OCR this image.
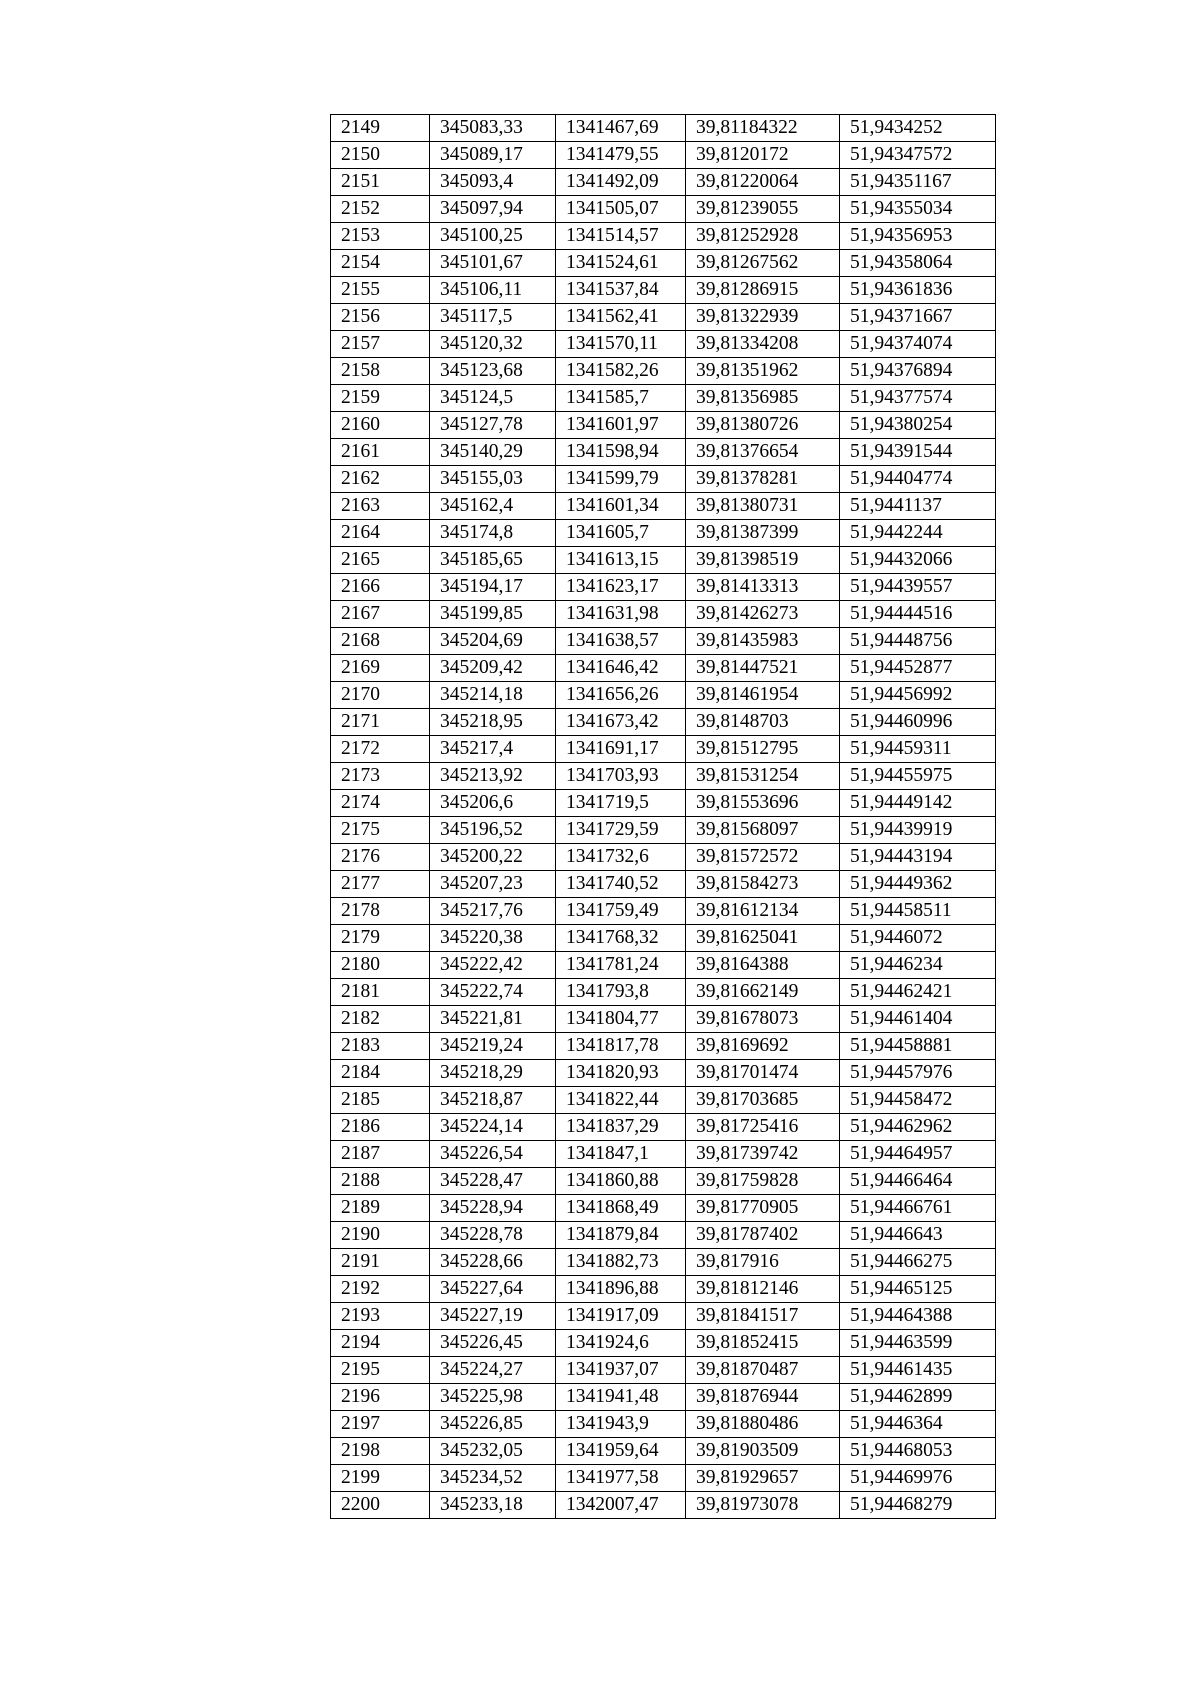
2149	345083,33	1341467,69	39,81184322	51,9434252
2150	345089,17	1341479,55	39,8120172	51,94347572
2151	345093,4	1341492,09	39,81220064	51,94351167
2152	345097,94	1341505,07	39,81239055	51,94355034
2153	345100,25	1341514,57	39,81252928	51,94356953
2154	345101,67	1341524,61	39,81267562	51,94358064
2155	345106,11	1341537,84	39,81286915	51,94361836
2156	345117,5	1341562,41	39,81322939	51,94371667
2157	345120,32	1341570,11	39,81334208	51,94374074
2158	345123,68	1341582,26	39,81351962	51,94376894
2159	345124,5	1341585,7	39,81356985	51,94377574
2160	345127,78	1341601,97	39,81380726	51,94380254
2161	345140,29	1341598,94	39,81376654	51,94391544
2162	345155,03	1341599,79	39,81378281	51,94404774
2163	345162,4	1341601,34	39,81380731	51,9441137
2164	345174,8	1341605,7	39,81387399	51,9442244
2165	345185,65	1341613,15	39,81398519	51,94432066
2166	345194,17	1341623,17	39,81413313	51,94439557
2167	345199,85	1341631,98	39,81426273	51,94444516
2168	345204,69	1341638,57	39,81435983	51,94448756
2169	345209,42	1341646,42	39,81447521	51,94452877
2170	345214,18	1341656,26	39,81461954	51,94456992
2171	345218,95	1341673,42	39,8148703	51,94460996
2172	345217,4	1341691,17	39,81512795	51,94459311
2173	345213,92	1341703,93	39,81531254	51,94455975
2174	345206,6	1341719,5	39,81553696	51,94449142
2175	345196,52	1341729,59	39,81568097	51,94439919
2176	345200,22	1341732,6	39,81572572	51,94443194
2177	345207,23	1341740,52	39,81584273	51,94449362
2178	345217,76	1341759,49	39,81612134	51,94458511
2179	345220,38	1341768,32	39,81625041	51,9446072
2180	345222,42	1341781,24	39,8164388	51,9446234
2181	345222,74	1341793,8	39,81662149	51,94462421
2182	345221,81	1341804,77	39,81678073	51,94461404
2183	345219,24	1341817,78	39,8169692	51,94458881
2184	345218,29	1341820,93	39,81701474	51,94457976
2185	345218,87	1341822,44	39,81703685	51,94458472
2186	345224,14	1341837,29	39,81725416	51,94462962
2187	345226,54	1341847,1	39,81739742	51,94464957
2188	345228,47	1341860,88	39,81759828	51,94466464
2189	345228,94	1341868,49	39,81770905	51,94466761
2190	345228,78	1341879,84	39,81787402	51,9446643
2191	345228,66	1341882,73	39,817916	51,94466275
2192	345227,64	1341896,88	39,81812146	51,94465125
2193	345227,19	1341917,09	39,81841517	51,94464388
2194	345226,45	1341924,6	39,81852415	51,94463599
2195	345224,27	1341937,07	39,81870487	51,94461435
2196	345225,98	1341941,48	39,81876944	51,94462899
2197	345226,85	1341943,9	39,81880486	51,9446364
2198	345232,05	1341959,64	39,81903509	51,94468053
2199	345234,52	1341977,58	39,81929657	51,94469976
2200	345233,18	1342007,47	39,81973078	51,94468279
